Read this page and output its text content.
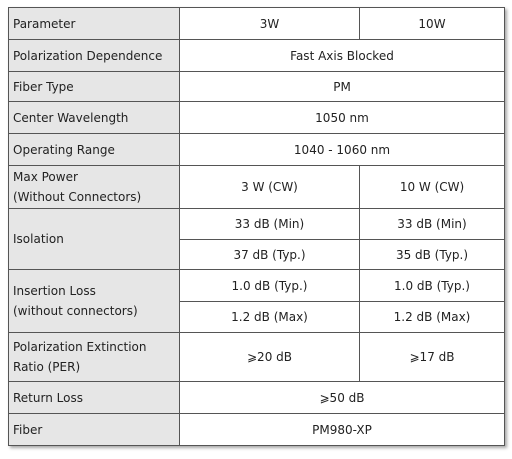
Parameter	3W	10W
Polarization Dependence	Fast Axis Blocked	
Fiber Type	PM	
Center Wavelength	1050 nm	
Operating Range	1040 - 1060 nm	
Max Power
(Without Connectors)	3 W (CW)	10 W (CW)
Isolation	33 dB (Min)	33 dB (Min)
	37 dB (Typ.)	35 dB (Typ.)
Insertion Loss
(without connectors)	1.0 dB (Typ.)	1.0 dB (Typ.)
	1.2 dB (Max)	1.2 dB (Max)
Polarization Extinction
Ratio (PER)	⩾20 dB	⩾17 dB
Return Loss	⩾50 dB	
Fiber	PM980-XP	
